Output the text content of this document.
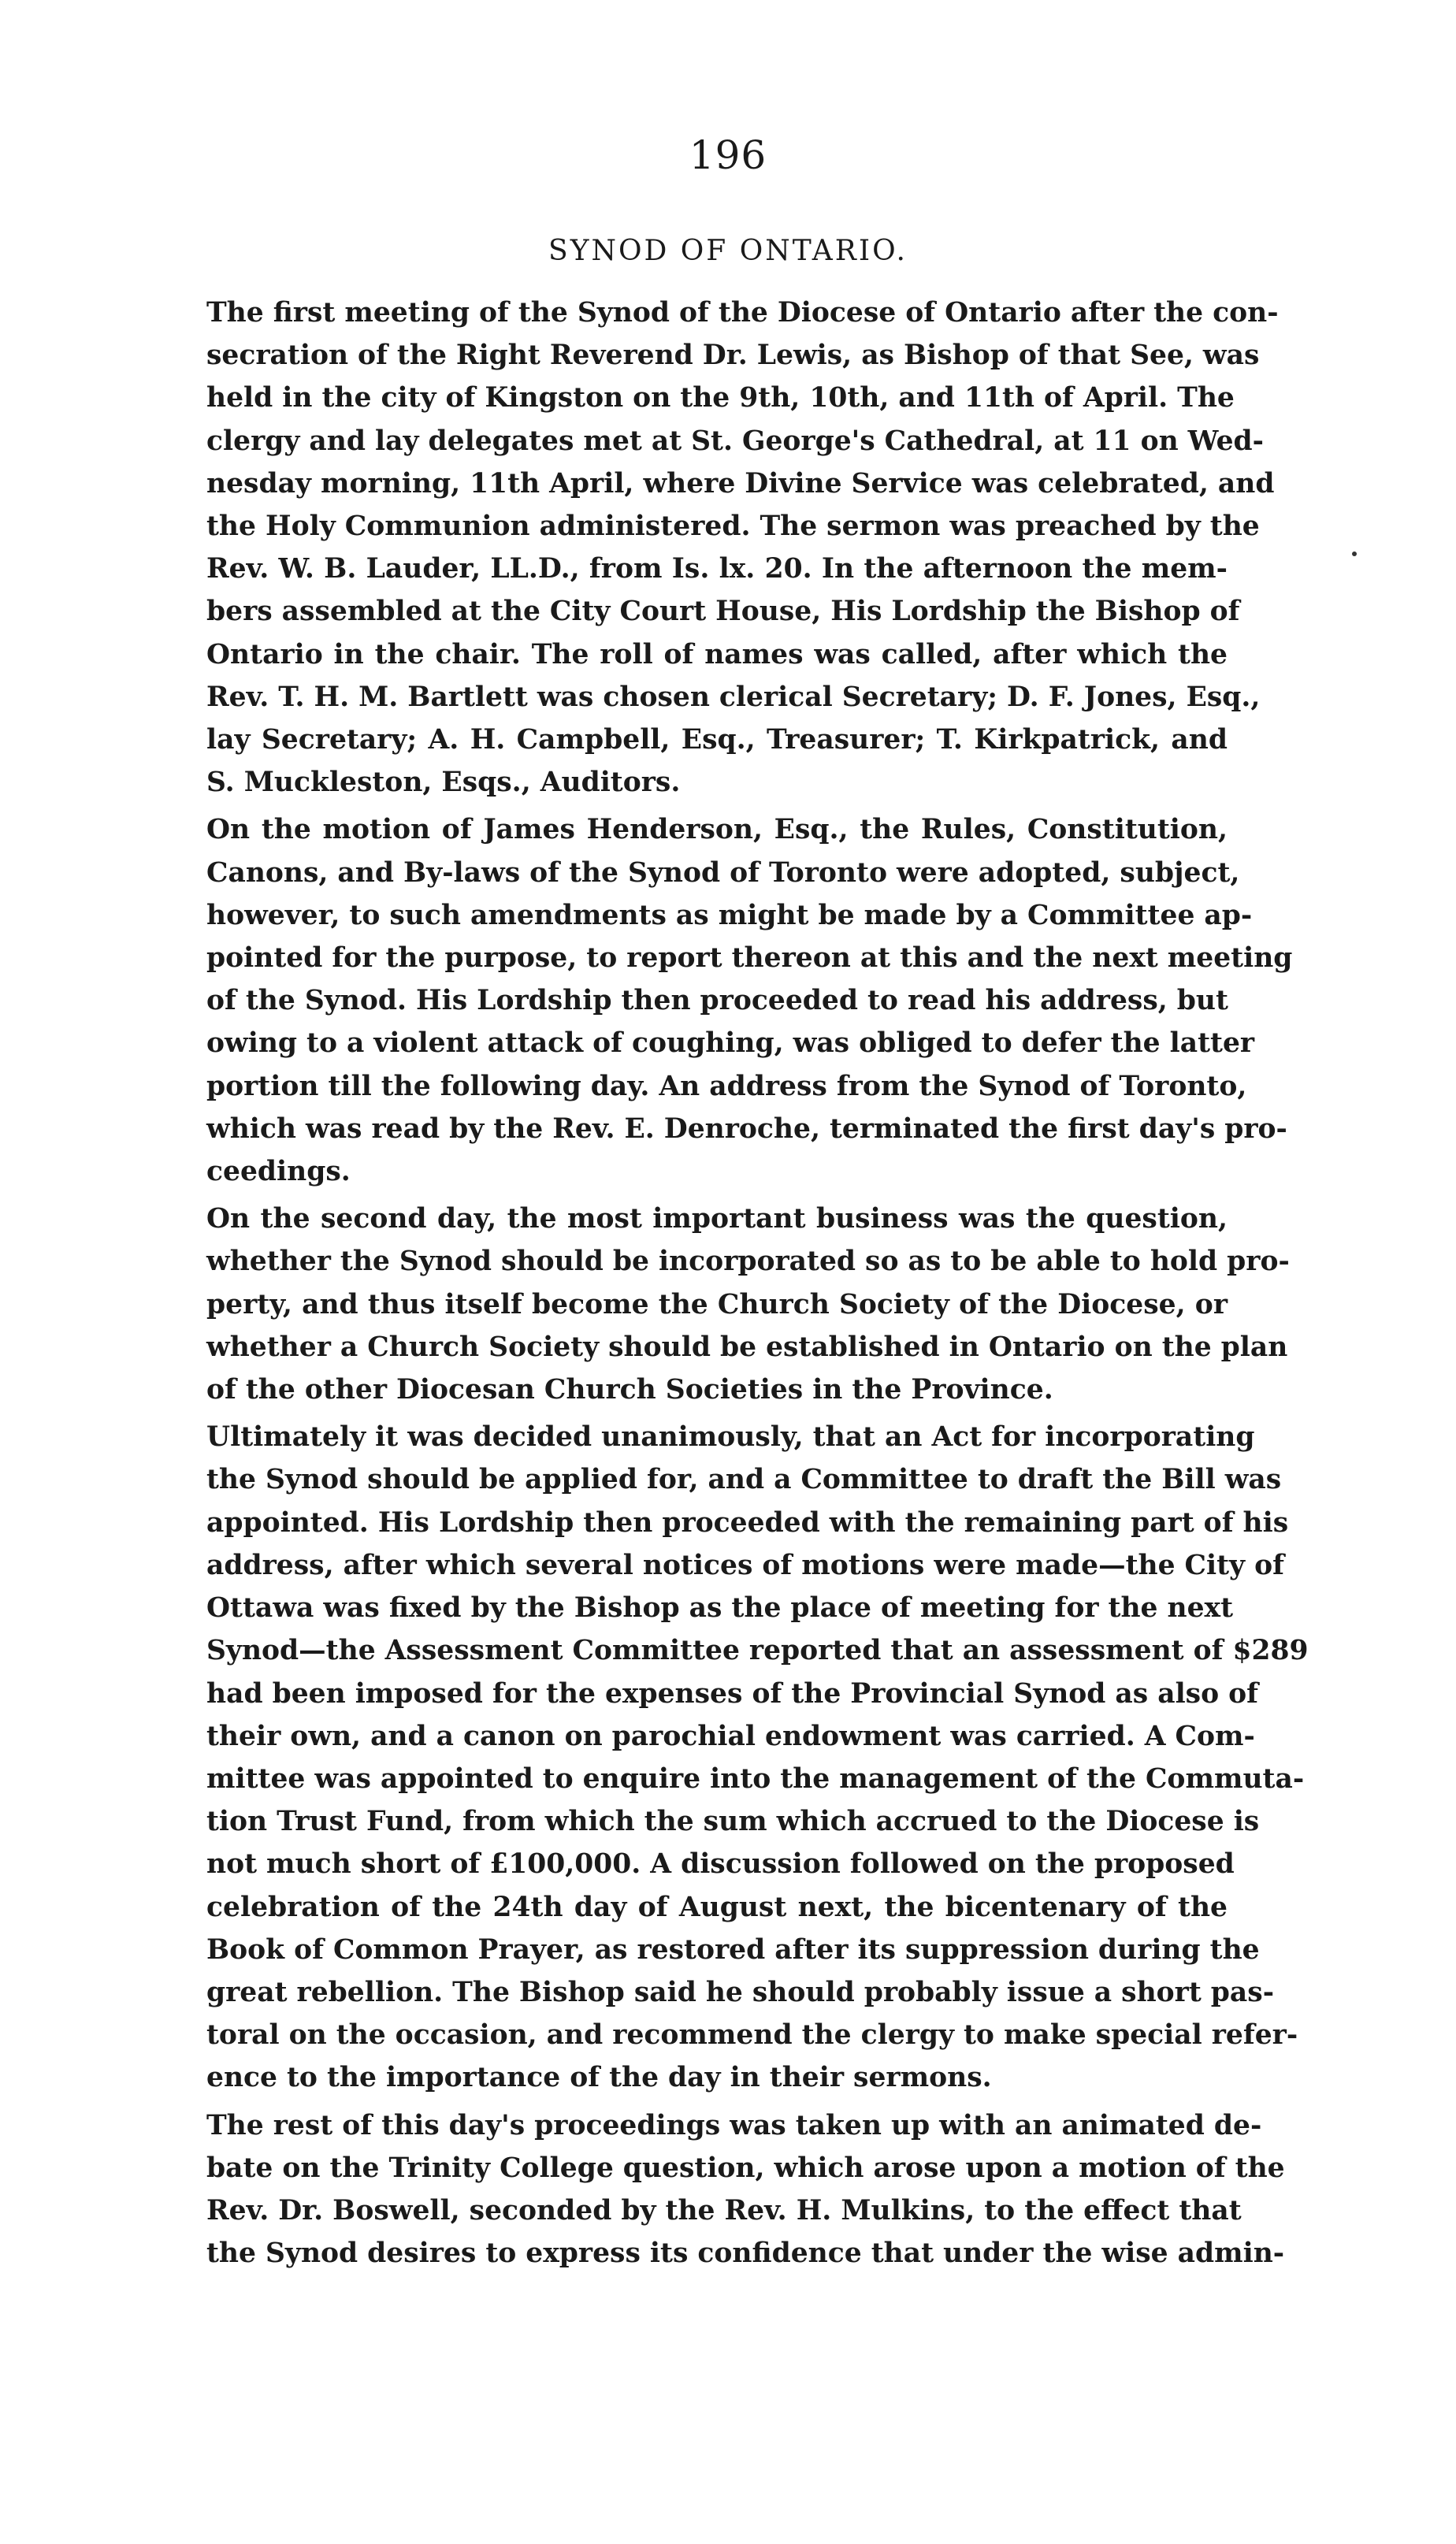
196
SYNOD OF ONTARIO.
The first meeting of the Synod of the Diocese of Ontario after the con-
secration of the Right Reverend Dr. Lewis, as Bishop of that See, was
held in the city of Kingston on the 9th, 10th, and 11th of April. The
clergy and lay delegates met at St. George's Cathedral, at 11 on Wed-
nesday morning, 11th April, where Divine Service was celebrated, and
the Holy Communion administered. The sermon was preached by the
Rev. W. B. Lauder, LL.D., from Is. lx. 20. In the afternoon the mem-
bers assembled at the City Court House, His Lordship the Bishop of
Ontario in the chair. The roll of names was called, after which the
Rev. T. H. M. Bartlett was chosen clerical Secretary; D. F. Jones, Esq.,
lay Secretary; A. H. Campbell, Esq., Treasurer; T. Kirkpatrick, and
S. Muckleston, Esqs., Auditors.
On the motion of James Henderson, Esq., the Rules, Constitution,
Canons, and By-laws of the Synod of Toronto were adopted, subject,
however, to such amendments as might be made by a Committee ap-
pointed for the purpose, to report thereon at this and the next meeting
of the Synod. His Lordship then proceeded to read his address, but
owing to a violent attack of coughing, was obliged to defer the latter
portion till the following day. An address from the Synod of Toronto,
which was read by the Rev. E. Denroche, terminated the first day's pro-
ceedings.
On the second day, the most important business was the question,
whether the Synod should be incorporated so as to be able to hold pro-
perty, and thus itself become the Church Society of the Diocese, or
whether a Church Society should be established in Ontario on the plan
of the other Diocesan Church Societies in the Province.
Ultimately it was decided unanimously, that an Act for incorporating
the Synod should be applied for, and a Committee to draft the Bill was
appointed. His Lordship then proceeded with the remaining part of his
address, after which several notices of motions were made—the City of
Ottawa was fixed by the Bishop as the place of meeting for the next
Synod—the Assessment Committee reported that an assessment of $289
had been imposed for the expenses of the Provincial Synod as also of
their own, and a canon on parochial endowment was carried. A Com-
mittee was appointed to enquire into the management of the Commuta-
tion Trust Fund, from which the sum which accrued to the Diocese is
not much short of £100,000. A discussion followed on the proposed
celebration of the 24th day of August next, the bicentenary of the
Book of Common Prayer, as restored after its suppression during the
great rebellion. The Bishop said he should probably issue a short pas-
toral on the occasion, and recommend the clergy to make special refer-
ence to the importance of the day in their sermons.
The rest of this day's proceedings was taken up with an animated de-
bate on the Trinity College question, which arose upon a motion of the
Rev. Dr. Boswell, seconded by the Rev. H. Mulkins, to the effect that
the Synod desires to express its confidence that under the wise admin-
